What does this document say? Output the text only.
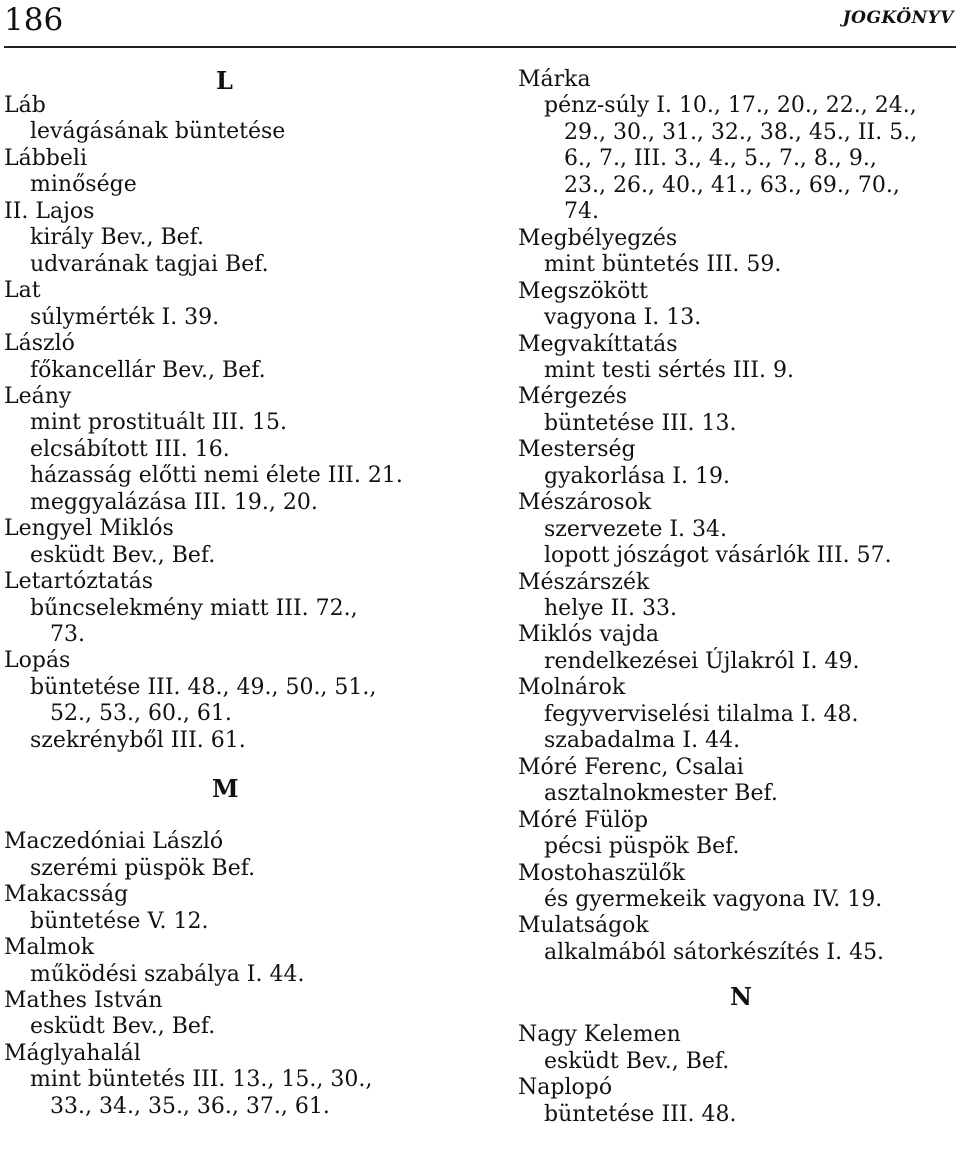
186	JOGKÖNYV
L
Láb
levágásának büntetése
Lábbeli
minősége
II. Lajos
király Bev., Bef.
udvarának tagjai Bef.
Lat
súlymérték I. 39.
László
főkancellár Bev., Bef.
Leány
mint prostituált III. 15.
elcsábított III. 16.
házasság előtti nemi élete III. 21.
meggyalázása III. 19., 20.
Lengyel Miklós
esküdt Bev., Bef.
Letartóztatás
bűncselekmény miatt III. 72.,
73.
Lopás
büntetése III. 48., 49., 50., 51.,
52., 53., 60., 61.
szekrényből III. 61.
M
Maczedóniai László
szerémi püspök Bef.
Makacsság
büntetése V. 12.
Malmok
működési szabálya I. 44.
Mathes István
esküdt Bev., Bef.
Máglyahalál
mint büntetés III. 13., 15., 30.,
33., 34., 35., 36., 37., 61.
Márka
pénz-súly I. 10., 17., 20., 22., 24.,
29., 30., 31., 32., 38., 45., II. 5.,
6., 7., III. 3., 4., 5., 7., 8., 9.,
23., 26., 40., 41., 63., 69., 70.,
74.
Megbélyegzés
mint büntetés III. 59.
Megszökött
vagyona I. 13.
Megvakíttatás
mint testi sértés III. 9.
Mérgezés
büntetése III. 13.
Mesterség
gyakorlása I. 19.
Mészárosok
szervezete I. 34.
lopott jószágot vásárlók III. 57.
Mészárszék
helye II. 33.
Miklós vajda
rendelkezései Újlakról I. 49.
Molnárok
fegyverviselési tilalma I. 48.
szabadalma I. 44.
Móré Ferenc, Csalai
asztalnokmester Bef.
Móré Fülöp
pécsi püspök Bef.
Mostohaszülők
és gyermekeik vagyona IV. 19.
Mulatságok
alkalmából sátorkészítés I. 45.
N
Nagy Kelemen
esküdt Bev., Bef.
Naplopó
büntetése III. 48.
